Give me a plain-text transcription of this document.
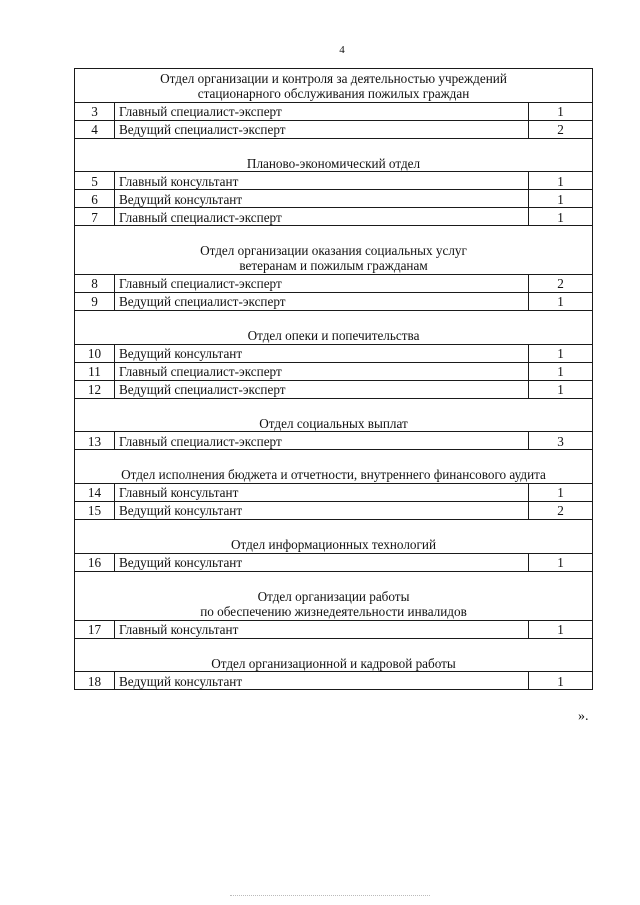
4
Отдел организации и контроля за деятельностью учреждений
стационарного обслуживания пожилых граждан		

3	Главный специалист-эксперт	1
4	Ведущий специалист-эксперт	2

Планово-экономический отдел		

5	Главный консультант	1
6	Ведущий консультант	1
7	Главный специалист-эксперт	1

Отдел организации оказания социальных услуг
ветеранам и пожилым гражданам		

8	Главный специалист-эксперт	2
9	Ведущий специалист-эксперт	1

Отдел опеки и попечительства		

10	Ведущий консультант	1
11	Главный специалист-эксперт	1
12	Ведущий специалист-эксперт	1

Отдел социальных выплат		

13	Главный специалист-эксперт	3

Отдел исполнения бюджета и отчетности, внутреннего финансового аудита		

14	Главный консультант	1
15	Ведущий консультант	2

Отдел информационных технологий		

16	Ведущий консультант	1

Отдел организации работы
по обеспечению жизнедеятельности инвалидов		

17	Главный консультант	1

Отдел организационной и кадровой работы		

18	Ведущий консультант	1
».
